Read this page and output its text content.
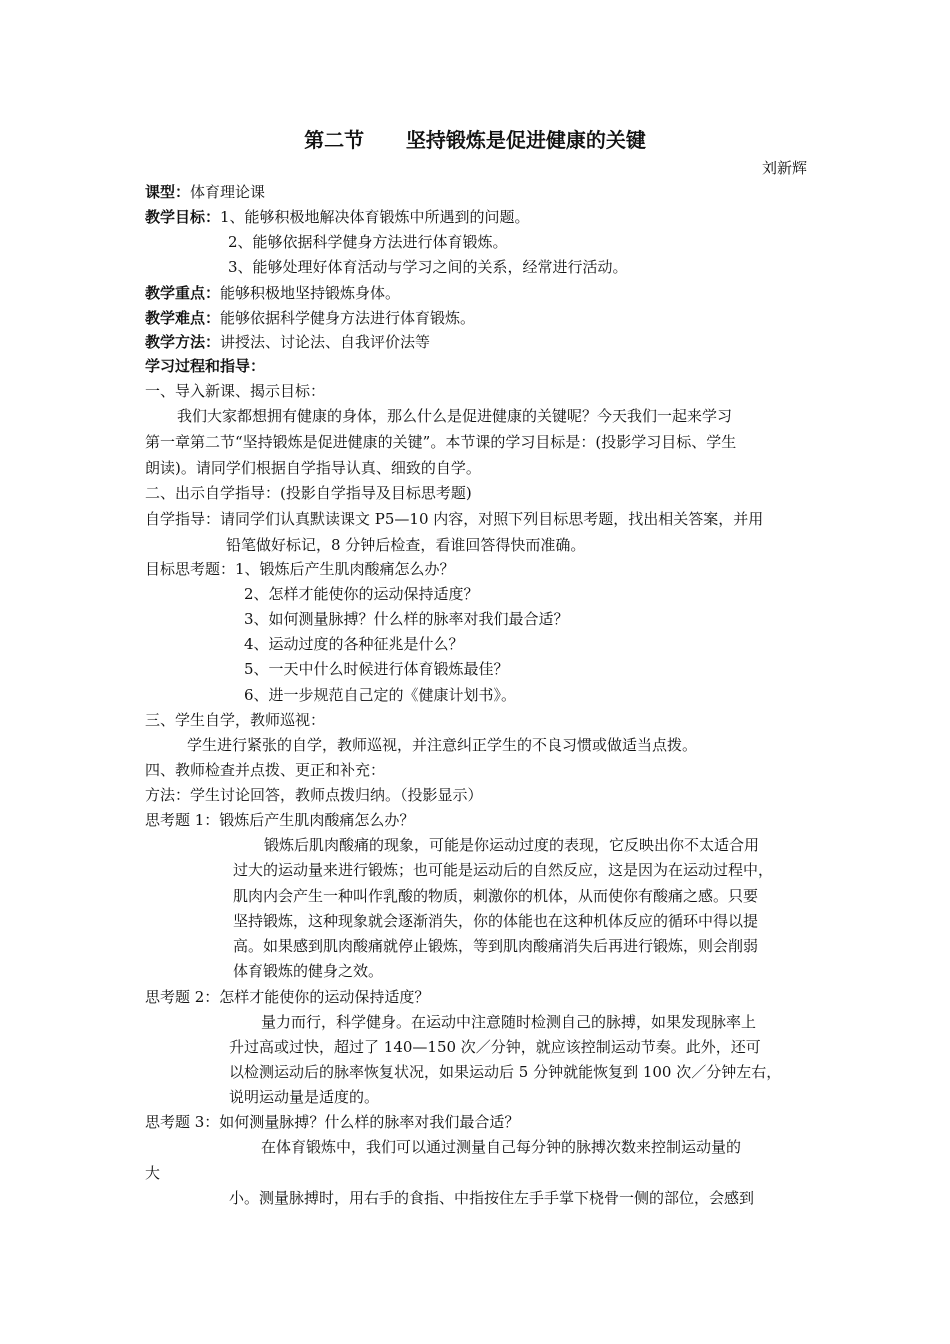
第二节      坚持锻炼是促进健康的关键
刘新辉
课型：体育理论课
教学目标：1、能够积极地解决体育锻炼中所遇到的问题。
2、能够依据科学健身方法进行体育锻炼。
3、能够处理好体育活动与学习之间的关系，经常进行活动。
教学重点：能够积极地坚持锻炼身体。
教学难点：能够依据科学健身方法进行体育锻炼。
教学方法：讲授法、讨论法、自我评价法等
学习过程和指导：
一、导入新课、揭示目标：
我们大家都想拥有健康的身体，那么什么是促进健康的关键呢？今天我们一起来学习
第一章第二节“坚持锻炼是促进健康的关键”。本节课的学习目标是：(投影学习目标、学生
朗读)。请同学们根据自学指导认真、细致的自学。
二、出示自学指导：(投影自学指导及目标思考题)
自学指导：请同学们认真默读课文 P5—10 内容，对照下列目标思考题，找出相关答案，并用
铅笔做好标记，8 分钟后检查，看谁回答得快而准确。
目标思考题：1、锻炼后产生肌肉酸痛怎么办？
2、怎样才能使你的运动保持适度？
3、如何测量脉搏？什么样的脉率对我们最合适？
4、运动过度的各种征兆是什么？
5、一天中什么时候进行体育锻炼最佳？
6、进一步规范自己定的《健康计划书》。
三、学生自学，教师巡视：
学生进行紧张的自学，教师巡视，并注意纠正学生的不良习惯或做适当点拨。
四、教师检查并点拨、更正和补充：
方法：学生讨论回答，教师点拨归纳。（投影显示）
思考题 1：锻炼后产生肌肉酸痛怎么办？
锻炼后肌肉酸痛的现象，可能是你运动过度的表现，它反映出你不太适合用
过大的运动量来进行锻炼；也可能是运动后的自然反应，这是因为在运动过程中，
肌肉内会产生一种叫作乳酸的物质，刺激你的机体，从而使你有酸痛之感。只要
坚持锻炼，这种现象就会逐渐消失，你的体能也在这种机体反应的循环中得以提
高。如果感到肌肉酸痛就停止锻炼，等到肌肉酸痛消失后再进行锻炼，则会削弱
体育锻炼的健身之效。
思考题 2：怎样才能使你的运动保持适度？
量力而行，科学健身。在运动中注意随时检测自己的脉搏，如果发现脉率上
升过高或过快，超过了 140—150 次／分钟，就应该控制运动节奏。此外，还可
以检测运动后的脉率恢复状况，如果运动后 5 分钟就能恢复到 100 次／分钟左右，
说明运动量是适度的。
思考题 3：如何测量脉搏？什么样的脉率对我们最合适？
在体育锻炼中，我们可以通过测量自己每分钟的脉搏次数来控制运动量的
大
小。测量脉搏时，用右手的食指、中指按住左手手掌下桡骨一侧的部位，会感到
